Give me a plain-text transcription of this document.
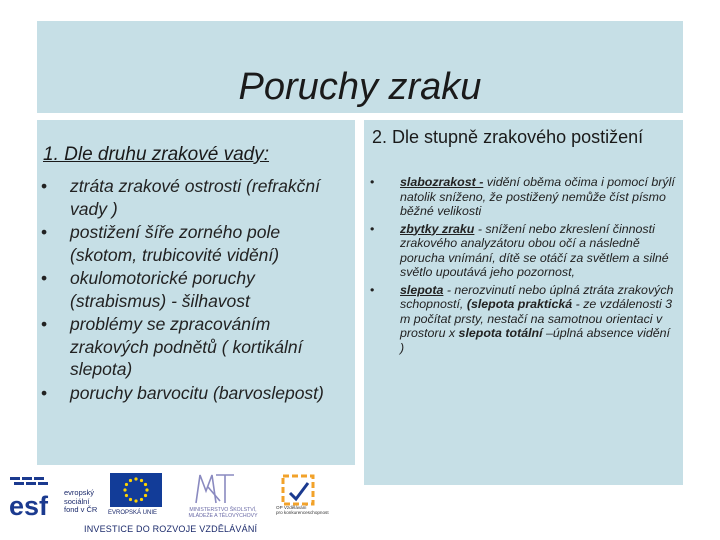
Poruchy zraku
1. Dle druhu zrakové vady:
• ztráta zrakové ostrosti (refrakční vady )
• postižení šíře zorného pole (skotom, trubicovité vidění)
• okulomotorické poruchy (strabismus) - šilhavost
• problémy se zpracováním zrakových podnětů ( kortikální slepota)
• poruchy barvocitu (barvoslepost)
2. Dle stupně zrakového postižení
• slabozrakost - vidění oběma očima i pomocí brýlí natolik sníženo, že postižený nemůže číst písmo běžné velikosti
• zbytky zraku - snížení nebo zkreslení činnosti zrakového analyzátoru obou očí a následně porucha vnímání, dítě se otáčí za světlem a silné světlo upoutává jeho pozornost,
• slepota - nerozvinutí nebo úplná ztráta zrakových schopností, (slepota praktická - ze vzdálenosti 3 m počítat prsty, nestačí na samotnou orientaci v prostoru x slepota totální –úplná absence vidění )
esf evropský
sociální
fond v ČR EVROPSKÁ UNIE	MINISTERSTVO ŠKOLSTVÍ,
MLÁDEŽE A TĚLOVÝCHOVY
OP Vzdělávání
pro konkurenceschopnost
INVESTICE DO ROZVOJE VZDĚLÁVÁNÍ
